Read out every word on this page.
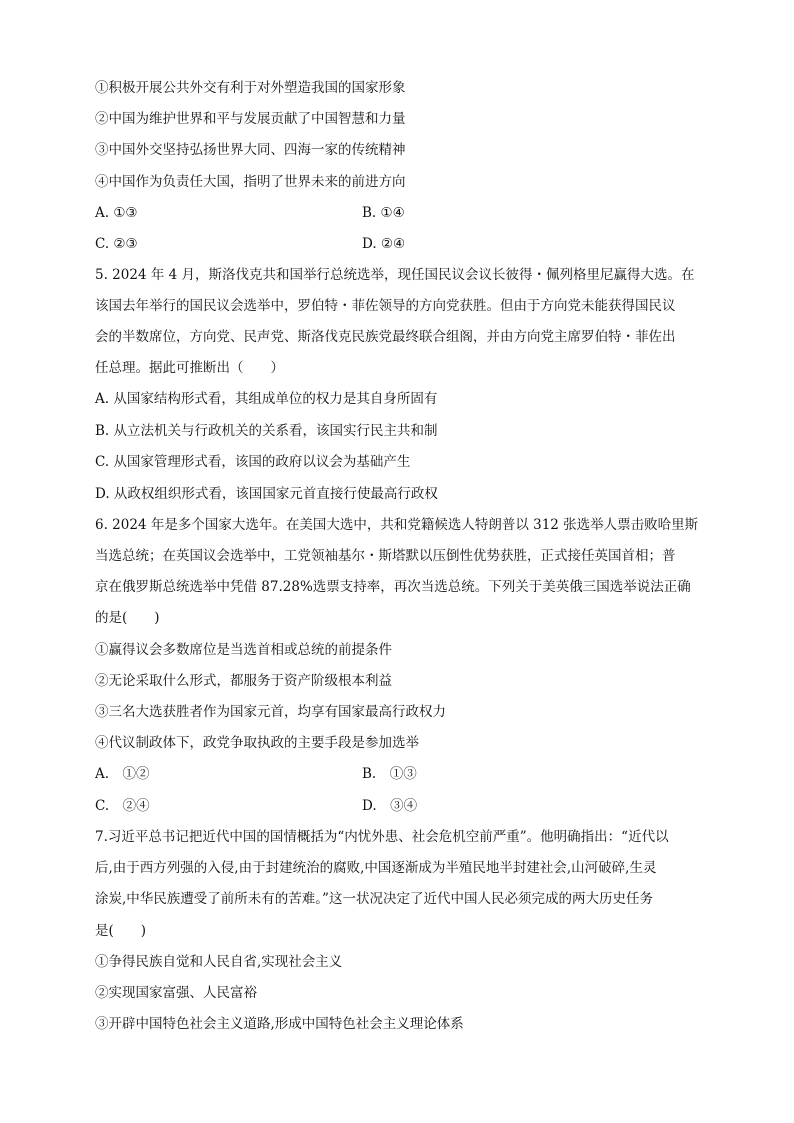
①积极开展公共外交有利于对外塑造我国的国家形象
②中国为维护世界和平与发展贡献了中国智慧和力量
③中国外交坚持弘扬世界大同、四海一家的传统精神
④中国作为负责任大国，指明了世界未来的前进方向
A. ①③	B. ①④
C. ②③	D. ②④
5. 2024 年 4 月，斯洛伐克共和国举行总统选举，现任国民议会议长彼得・佩列格里尼赢得大选。在
该国去年举行的国民议会选举中，罗伯特・菲佐领导的方向党获胜。但由于方向党未能获得国民议
会的半数席位，方向党、民声党、斯洛伐克民族党最终联合组阁，并由方向党主席罗伯特・菲佐出
任总理。据此可推断出（　　）
A. 从国家结构形式看，其组成单位的权力是其自身所固有
B. 从立法机关与行政机关的关系看，该国实行民主共和制
C. 从国家管理形式看，该国的政府以议会为基础产生
D. 从政权组织形式看，该国国家元首直接行使最高行政权
6. 2024 年是多个国家大选年。在美国大选中，共和党籍候选人特朗普以 312 张选举人票击败哈里斯
当选总统；在英国议会选举中，工党领袖基尔・斯塔默以压倒性优势获胜，正式接任英国首相；普
京在俄罗斯总统选举中凭借 87.28%选票支持率，再次当选总统。下列关于美英俄三国选举说法正确
的是(　　)
①赢得议会多数席位是当选首相或总统的前提条件
②无论采取什么形式，都服务于资产阶级根本利益
③三名大选获胜者作为国家元首，均享有国家最高行政权力
④代议制政体下，政党争取执政的主要手段是参加选举
A.　①②	B.　①③
C.　②④	D.　③④
7.习近平总书记把近代中国的国情概括为“内忧外患、社会危机空前严重”。他明确指出：“近代以
后,由于西方列强的入侵,由于封建统治的腐败,中国逐渐成为半殖民地半封建社会,山河破碎,生灵
涂炭,中华民族遭受了前所未有的苦难。”这一状况决定了近代中国人民必须完成的两大历史任务
是(　　)
①争得民族自觉和人民自省,实现社会主义
②实现国家富强、人民富裕
③开辟中国特色社会主义道路,形成中国特色社会主义理论体系
